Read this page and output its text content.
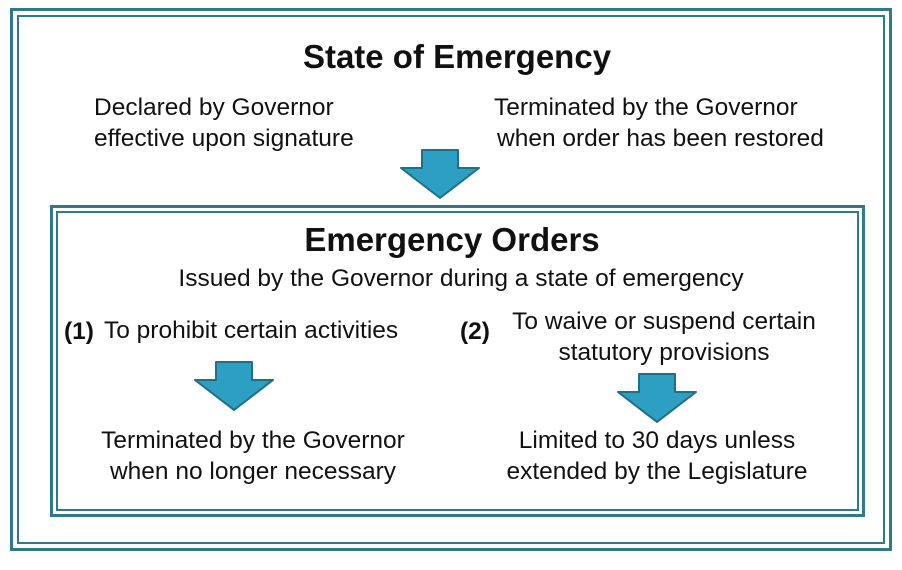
State of Emergency
Declared by Governor
effective upon signature
Terminated by the Governor
when order has been restored
Emergency Orders
Issued by the Governor during a state of emergency
(1) To prohibit certain activities	(2) To waive or suspend certain
statutory provisions
Terminated by the Governor
when no longer necessary
Limited to 30 days unless
extended by the Legislature
